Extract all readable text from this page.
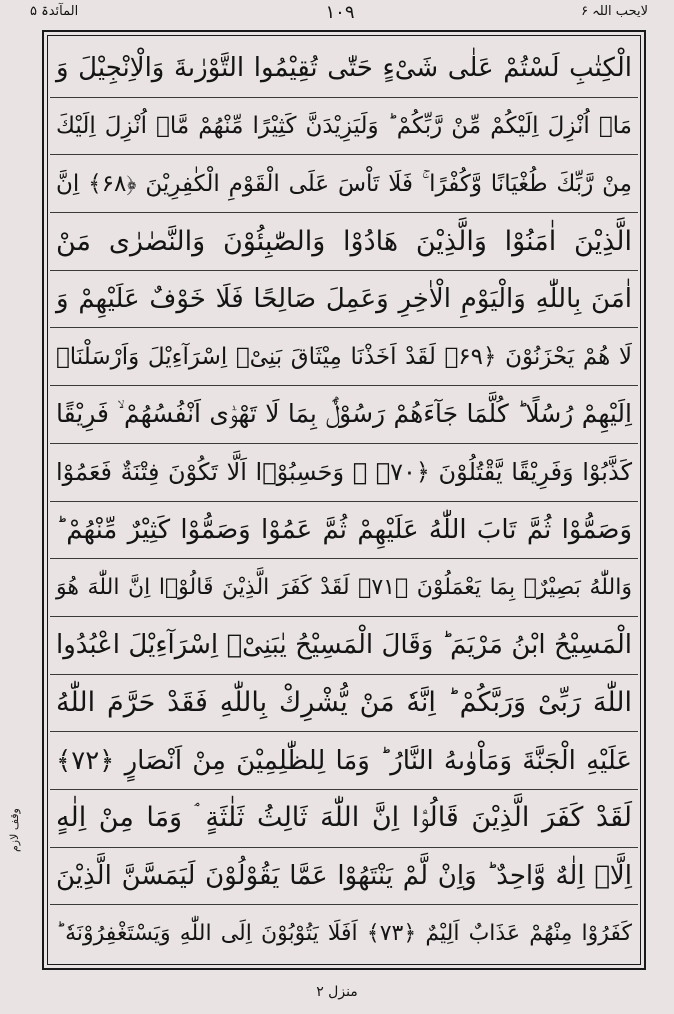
المآئدۃ ۵	١٠٩	لایحب اللہ ۶
الْکِتٰبِ لَسْتُمْ عَلٰی شَیْءٍ حَتّٰی تُقِیْمُوا التَّوْرٰىةَ وَالْاِنْجِیْلَ وَ
مَاۤ اُنْزِلَ اِلَیْکُمْ مِّنْ رَّبِّکُمْ ؕ وَلَیَزِیْدَنَّ کَثِیْرًا مِّنْهُمْ مَّاۤ اُنْزِلَ اِلَیْكَ
مِنْ رَّبِّكَ طُغْیَانًا وَّکُفْرًا ۚ فَلَا تَاْسَ عَلَی الْقَوْمِ الْکٰفِرِیْنَ ﴿۶۸﴾ اِنَّ
الَّذِیْنَ اٰمَنُوْا وَالَّذِیْنَ هَادُوْا وَالصّٰبِئُوْنَ وَالنَّصٰرٰی مَنْ
اٰمَنَ بِاللّٰهِ وَالْیَوْمِ الْاٰخِرِ وَعَمِلَ صَالِحًا فَلَا خَوْفٌ عَلَیْهِمْ وَ
لَا هُمْ یَحْزَنُوْنَ ﴿۶۹﴾ لَقَدْ اَخَذْنَا مِیْثَاقَ بَنِیْۤ اِسْرَآءِیْلَ وَاَرْسَلْنَاۤ
اِلَیْهِمْ رُسُلًا ؕ کُلَّمَا جَآءَهُمْ رَسُوْلٌۢ بِمَا لَا تَهْوٰۤی اَنْفُسُهُمْ ۙ فَرِیْقًا
کَذَّبُوْا وَفَرِیْقًا یَّقْتُلُوْنَ ﴿۷۰﴾ ۙ وَحَسِبُوْۤا اَلَّا تَکُوْنَ فِتْنَةٌ فَعَمُوْا
وَصَمُّوْا ثُمَّ تَابَ اللّٰهُ عَلَیْهِمْ ثُمَّ عَمُوْا وَصَمُّوْا کَثِیْرٌ مِّنْهُمْ ؕ
وَاللّٰهُ بَصِیْرٌۢ بِمَا یَعْمَلُوْنَ ﴿۷۱﴾ لَقَدْ کَفَرَ الَّذِیْنَ قَالُوْۤا اِنَّ اللّٰهَ هُوَ
الْمَسِیْحُ ابْنُ مَرْیَمَ ؕ وَقَالَ الْمَسِیْحُ یٰبَنِیْۤ اِسْرَآءِیْلَ اعْبُدُوا
اللّٰهَ رَبِّیْ وَرَبَّکُمْ ؕ اِنَّهٗ مَنْ یُّشْرِكْ بِاللّٰهِ فَقَدْ حَرَّمَ اللّٰهُ
عَلَیْهِ الْجَنَّةَ وَمَاْوٰىهُ النَّارُ ؕ وَمَا لِلظّٰلِمِیْنَ مِنْ اَنْصَارٍ ﴿۷۲﴾
لَقَدْ کَفَرَ الَّذِیْنَ قَالُوْۤا اِنَّ اللّٰهَ ثَالِثُ ثَلٰثَةٍ ۘ وَمَا مِنْ اِلٰهٍ
اِلَّاۤ اِلٰهٌ وَّاحِدٌ ؕ وَاِنْ لَّمْ یَنْتَهُوْا عَمَّا یَقُوْلُوْنَ لَیَمَسَّنَّ الَّذِیْنَ
کَفَرُوْا مِنْهُمْ عَذَابٌ اَلِیْمٌ ﴿۷۳﴾ اَفَلَا یَتُوْبُوْنَ اِلَی اللّٰهِ وَیَسْتَغْفِرُوْنَهٗ ؕ
وقف لازم
منزل ۲
